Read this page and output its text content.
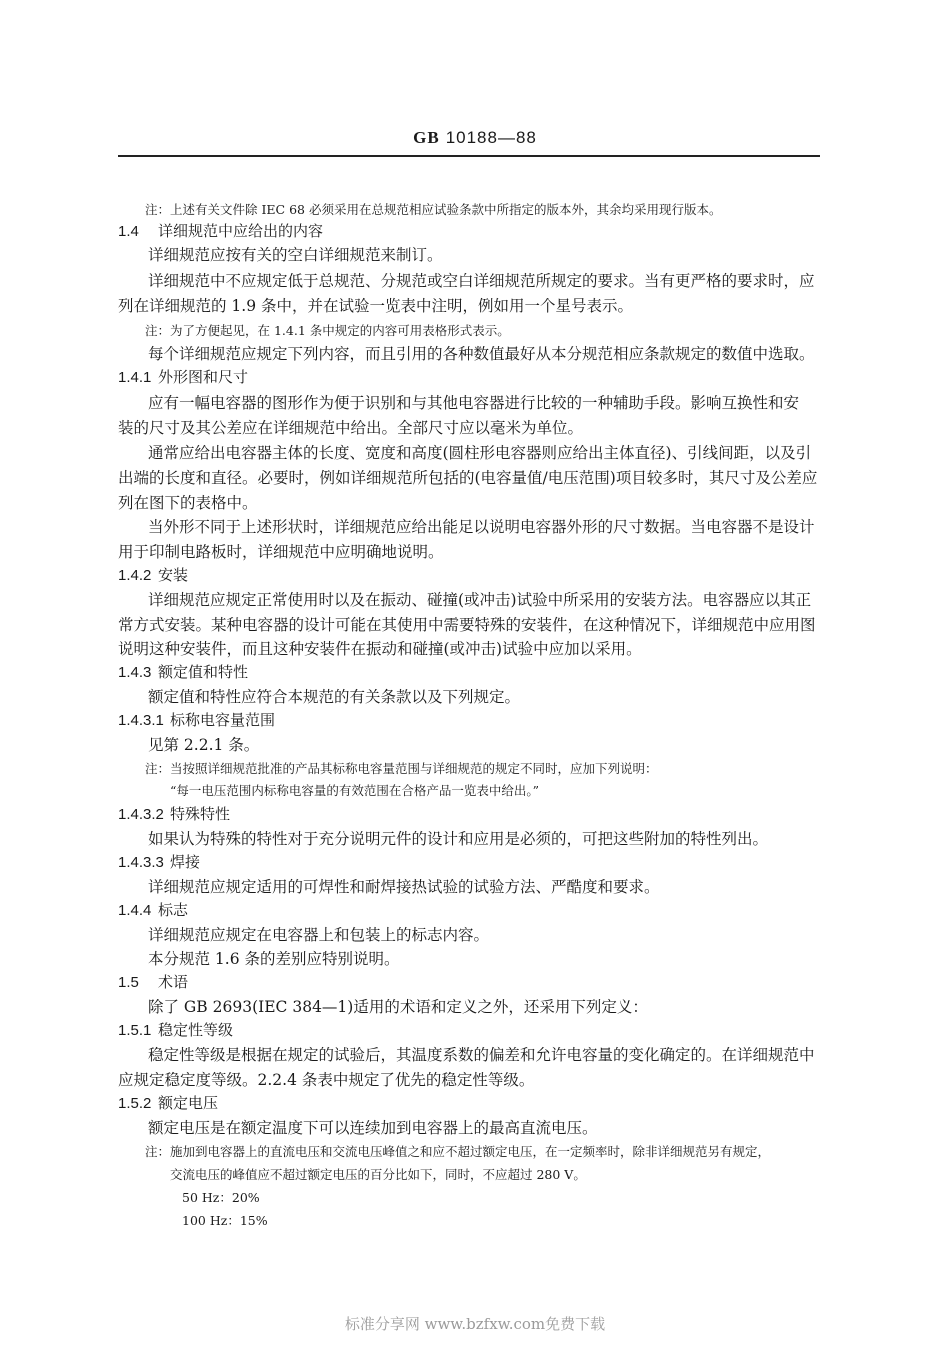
GB 10188—88
注：上述有关文件除 IEC 68 必须采用在总规范相应试验条款中所指定的版本外，其余均采用现行版本。
1.4 详细规范中应给出的内容
详细规范应按有关的空白详细规范来制订。
详细规范中不应规定低于总规范、分规范或空白详细规范所规定的要求。当有更严格的要求时，应
列在详细规范的 1.9 条中，并在试验一览表中注明，例如用一个星号表示。
注：为了方便起见，在 1.4.1 条中规定的内容可用表格形式表示。
每个详细规范应规定下列内容，而且引用的各种数值最好从本分规范相应条款规定的数值中选取。
1.4.1 外形图和尺寸
应有一幅电容器的图形作为便于识别和与其他电容器进行比较的一种辅助手段。影响互换性和安
装的尺寸及其公差应在详细规范中给出。全部尺寸应以毫米为单位。
通常应给出电容器主体的长度、宽度和高度(圆柱形电容器则应给出主体直径)、引线间距，以及引
出端的长度和直径。必要时，例如详细规范所包括的(电容量值/电压范围)项目较多时，其尺寸及公差应
列在图下的表格中。
当外形不同于上述形状时，详细规范应给出能足以说明电容器外形的尺寸数据。当电容器不是设计
用于印制电路板时，详细规范中应明确地说明。
1.4.2 安装
详细规范应规定正常使用时以及在振动、碰撞(或冲击)试验中所采用的安装方法。电容器应以其正
常方式安装。某种电容器的设计可能在其使用中需要特殊的安装件，在这种情况下，详细规范中应用图
说明这种安装件，而且这种安装件在振动和碰撞(或冲击)试验中应加以采用。
1.4.3 额定值和特性
额定值和特性应符合本规范的有关条款以及下列规定。
1.4.3.1 标称电容量范围
见第 2.2.1 条。
注：当按照详细规范批准的产品其标称电容量范围与详细规范的规定不同时，应加下列说明：
“每一电压范围内标称电容量的有效范围在合格产品一览表中给出。”
1.4.3.2 特殊特性
如果认为特殊的特性对于充分说明元件的设计和应用是必须的，可把这些附加的特性列出。
1.4.3.3 焊接
详细规范应规定适用的可焊性和耐焊接热试验的试验方法、严酷度和要求。
1.4.4 标志
详细规范应规定在电容器上和包装上的标志内容。
本分规范 1.6 条的差别应特别说明。
1.5 术语
除了 GB 2693(IEC 384—1)适用的术语和定义之外，还采用下列定义：
1.5.1 稳定性等级
稳定性等级是根据在规定的试验后，其温度系数的偏差和允许电容量的变化确定的。在详细规范中
应规定稳定度等级。2.2.4 条表中规定了优先的稳定性等级。
1.5.2 额定电压
额定电压是在额定温度下可以连续加到电容器上的最高直流电压。
注：施加到电容器上的直流电压和交流电压峰值之和应不超过额定电压，在一定频率时，除非详细规范另有规定，
交流电压的峰值应不超过额定电压的百分比如下，同时，不应超过 280 V。
50 Hz：20%
100 Hz：15%
标准分享网 www.bzfxw.com免费下载
